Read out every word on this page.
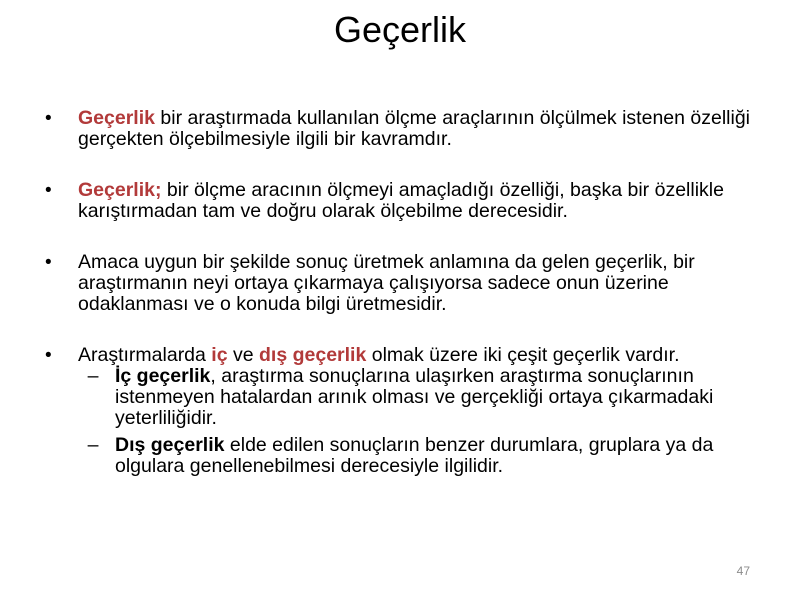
Geçerlik
•	Geçerlik bir araştırmada kullanılan ölçme araçlarının ölçülmek istenen özelliği gerçekten ölçebilmesiyle ilgili bir kavramdır.
•	Geçerlik; bir ölçme aracının ölçmeyi amaçladığı özelliği, başka bir özellikle karıştırmadan tam ve doğru olarak ölçebilme derecesidir.
•	Amaca uygun bir şekilde sonuç üretmek anlamına da gelen geçerlik, bir araştırmanın neyi ortaya çıkarmaya çalışıyorsa sadece onun üzerine odaklanması ve o konuda bilgi üretmesidir.
•	Araştırmalarda iç ve dış geçerlik olmak üzere iki çeşit geçerlik vardır.
– İç geçerlik, araştırma sonuçlarına ulaşırken araştırma sonuçlarının istenmeyen hatalardan arınık olması ve gerçekliği ortaya çıkarmadaki yeterliliğidir.
– Dış geçerlik elde edilen sonuçların benzer durumlara, gruplara ya da olgulara genellenebilmesi derecesiyle ilgilidir.
47
